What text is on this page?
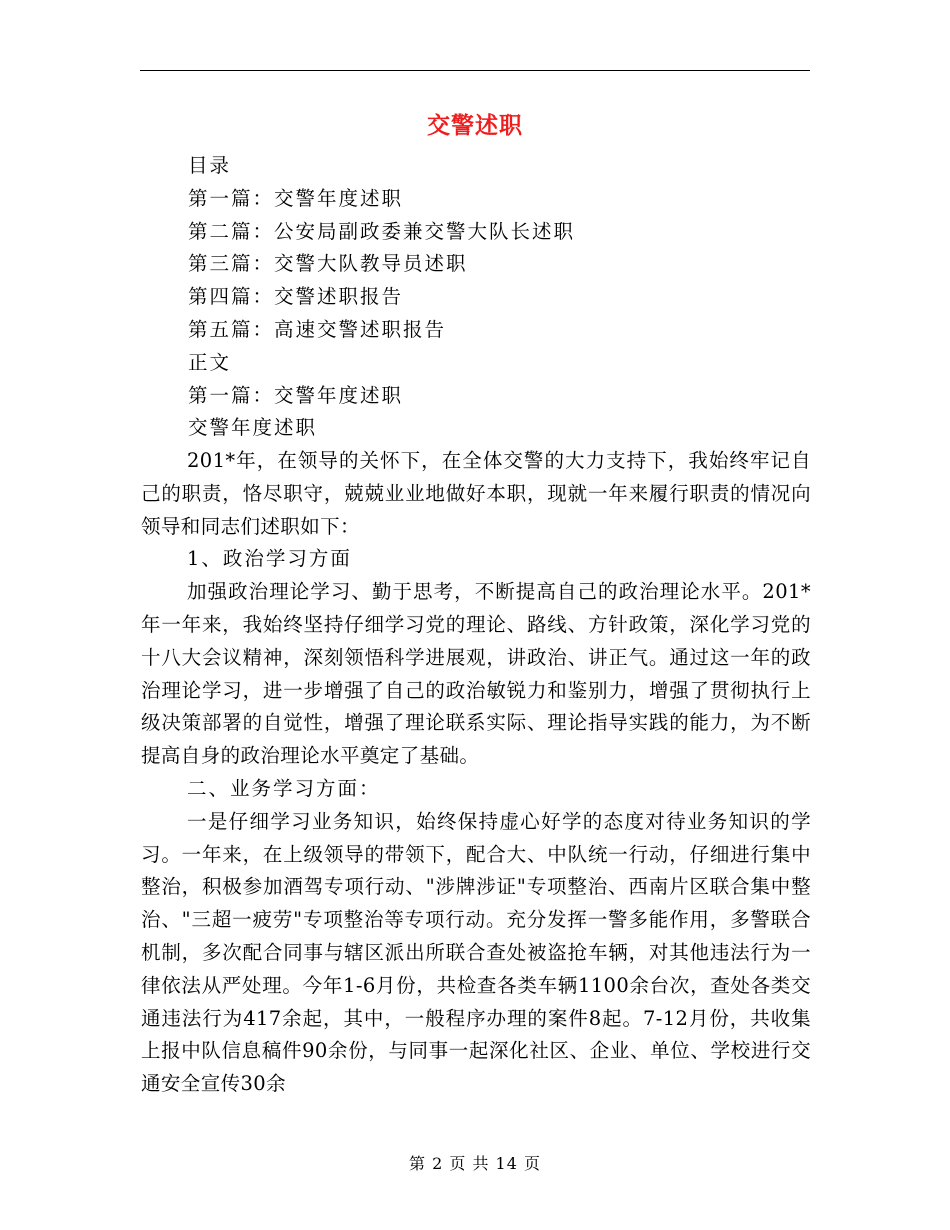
交警述职
目录
第一篇：交警年度述职
第二篇：公安局副政委兼交警大队长述职
第三篇：交警大队教导员述职
第四篇：交警述职报告
第五篇：高速交警述职报告
正文
第一篇：交警年度述职
交警年度述职

201*年，在领导的关怀下，在全体交警的大力支持下，我始终牢记自己的职责，恪尽职守，兢兢业业地做好本职，现就一年来履行职责的情况向领导和同志们述职如下：

1、政治学习方面

加强政治理论学习、勤于思考，不断提高自己的政治理论水平。201*年一年来，我始终坚持仔细学习党的理论、路线、方针政策，深化学习党的十八大会议精神，深刻领悟科学进展观，讲政治、讲正气。通过这一年的政治理论学习，进一步增强了自己的政治敏锐力和鉴别力，增强了贯彻执行上级决策部署的自觉性，增强了理论联系实际、理论指导实践的能力，为不断提高自身的政治理论水平奠定了基础。

二、业务学习方面：

一是仔细学习业务知识，始终保持虚心好学的态度对待业务知识的学习。一年来，在上级领导的带领下，配合大、中队统一行动，仔细进行集中整治，积极参加酒驾专项行动、"涉牌涉证"专项整治、西南片区联合集中整治、"三超一疲劳"专项整治等专项行动。充分发挥一警多能作用，多警联合机制，多次配合同事与辖区派出所联合查处被盗抢车辆，对其他违法行为一律依法从严处理。今年1-6月份，共检查各类车辆1100余台次，查处各类交通违法行为417余起，其中，一般程序办理的案件8起。7-12月份，共收集上报中队信息稿件90余份，与同事一起深化社区、企业、单位、学校进行交通安全宣传30余

第 2 页 共 14 页
